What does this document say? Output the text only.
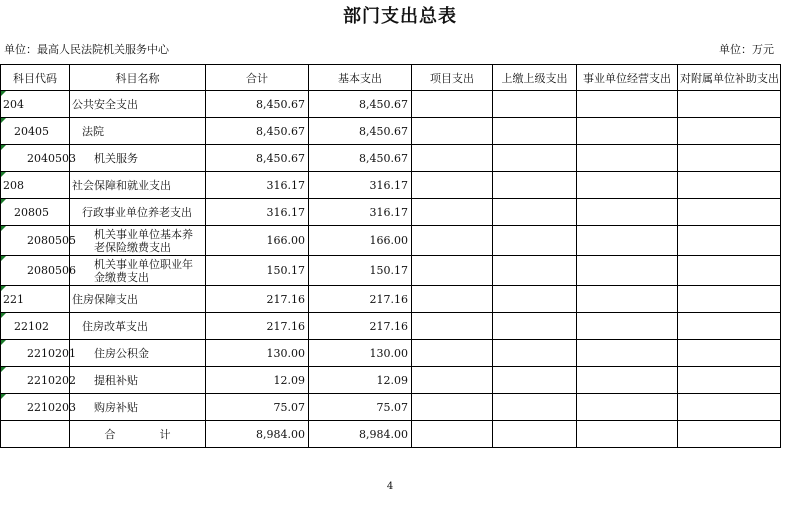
部门支出总表
单位：最高人民法院机关服务中心	单位：万元
科目代码	科目名称	合计	基本支出	项目支出	上缴上级支出	事业单位经营支出	对附属单位补助支出
204	公共安全支出	8,450.67	8,450.67				
20405	法院	8,450.67	8,450.67				
2040503	机关服务	8,450.67	8,450.67				
208	社会保障和就业支出	316.17	316.17				
20805	行政事业单位养老支出	316.17	316.17				
2080505	机关事业单位基本养老保险缴费支出	166.00	166.00				
2080506	机关事业单位职业年金缴费支出	150.17	150.17				
221	住房保障支出	217.16	217.16				
22102	住房改革支出	217.16	217.16				
2210201	住房公积金	130.00	130.00				
2210202	提租补贴	12.09	12.09				
2210203	购房补贴	75.07	75.07				
	合 计	8,984.00	8,984.00				
4
